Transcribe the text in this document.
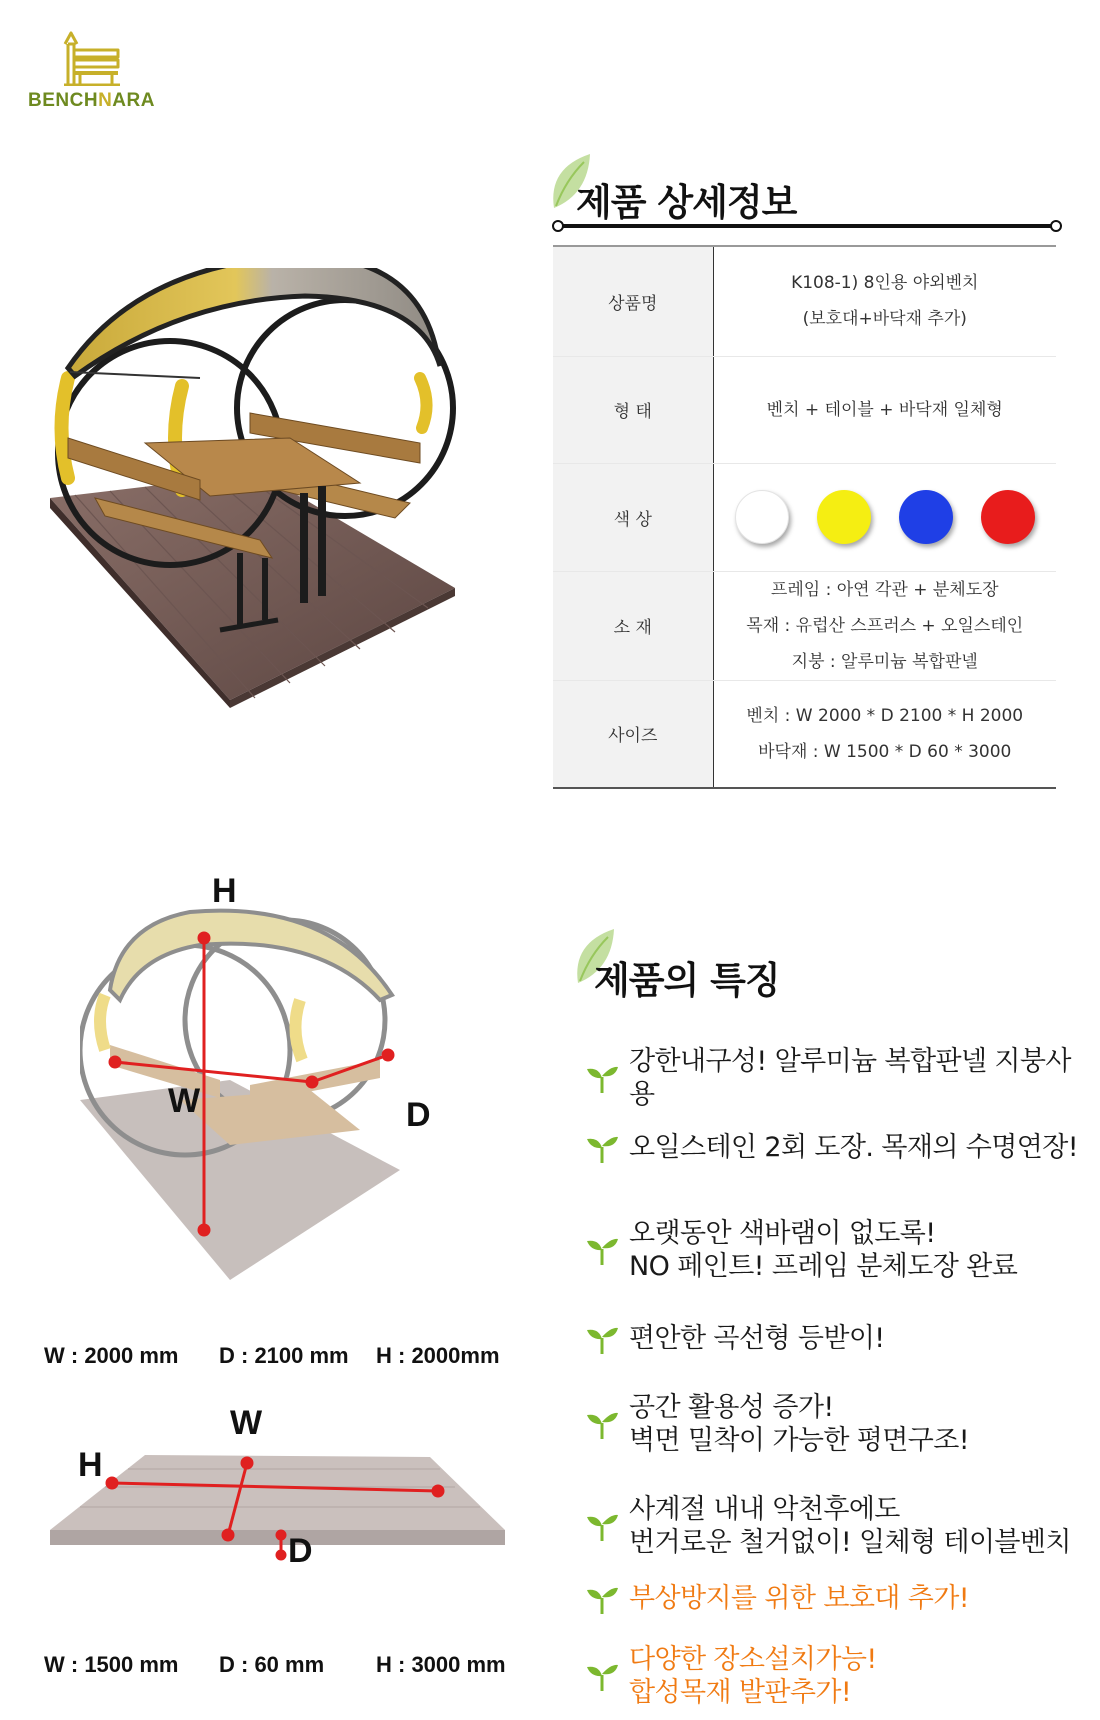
BENCHNARA
제품 상세정보
상품명	K108-1) 8인용 야외벤치
(보호대+바닥재 추가)

형 태	벤치 + 테이블 + 바닥재 일체형

색 상	

소 재	프레임 : 아연 각관 + 분체도장
목재 : 유럽산 스프러스 + 오일스테인
지붕 : 알루미늄 복합판넬

사이즈	벤치 : W 2000 * D 2100 * H 2000
바닥재 : W 1500 * D 60 * 3000
H
W	D
W : 2000 mm D : 2100 mm H : 2000mm
W
H
D
W : 1500 mm D : 60 mm H : 3000 mm
제품의 특징
강한내구성! 알루미늄 복합판넬 지붕사용
오일스테인 2회 도장. 목재의 수명연장!
오랫동안 색바램이 없도록!
NO 페인트! 프레임 분체도장 완료
편안한 곡선형 등받이!
공간 활용성 증가!
벽면 밀착이 가능한 평면구조!
사계절 내내 악천후에도
번거로운 철거없이! 일체형 테이블벤치
부상방지를 위한 보호대 추가!
다양한 장소설치가능!
합성목재 발판추가!
